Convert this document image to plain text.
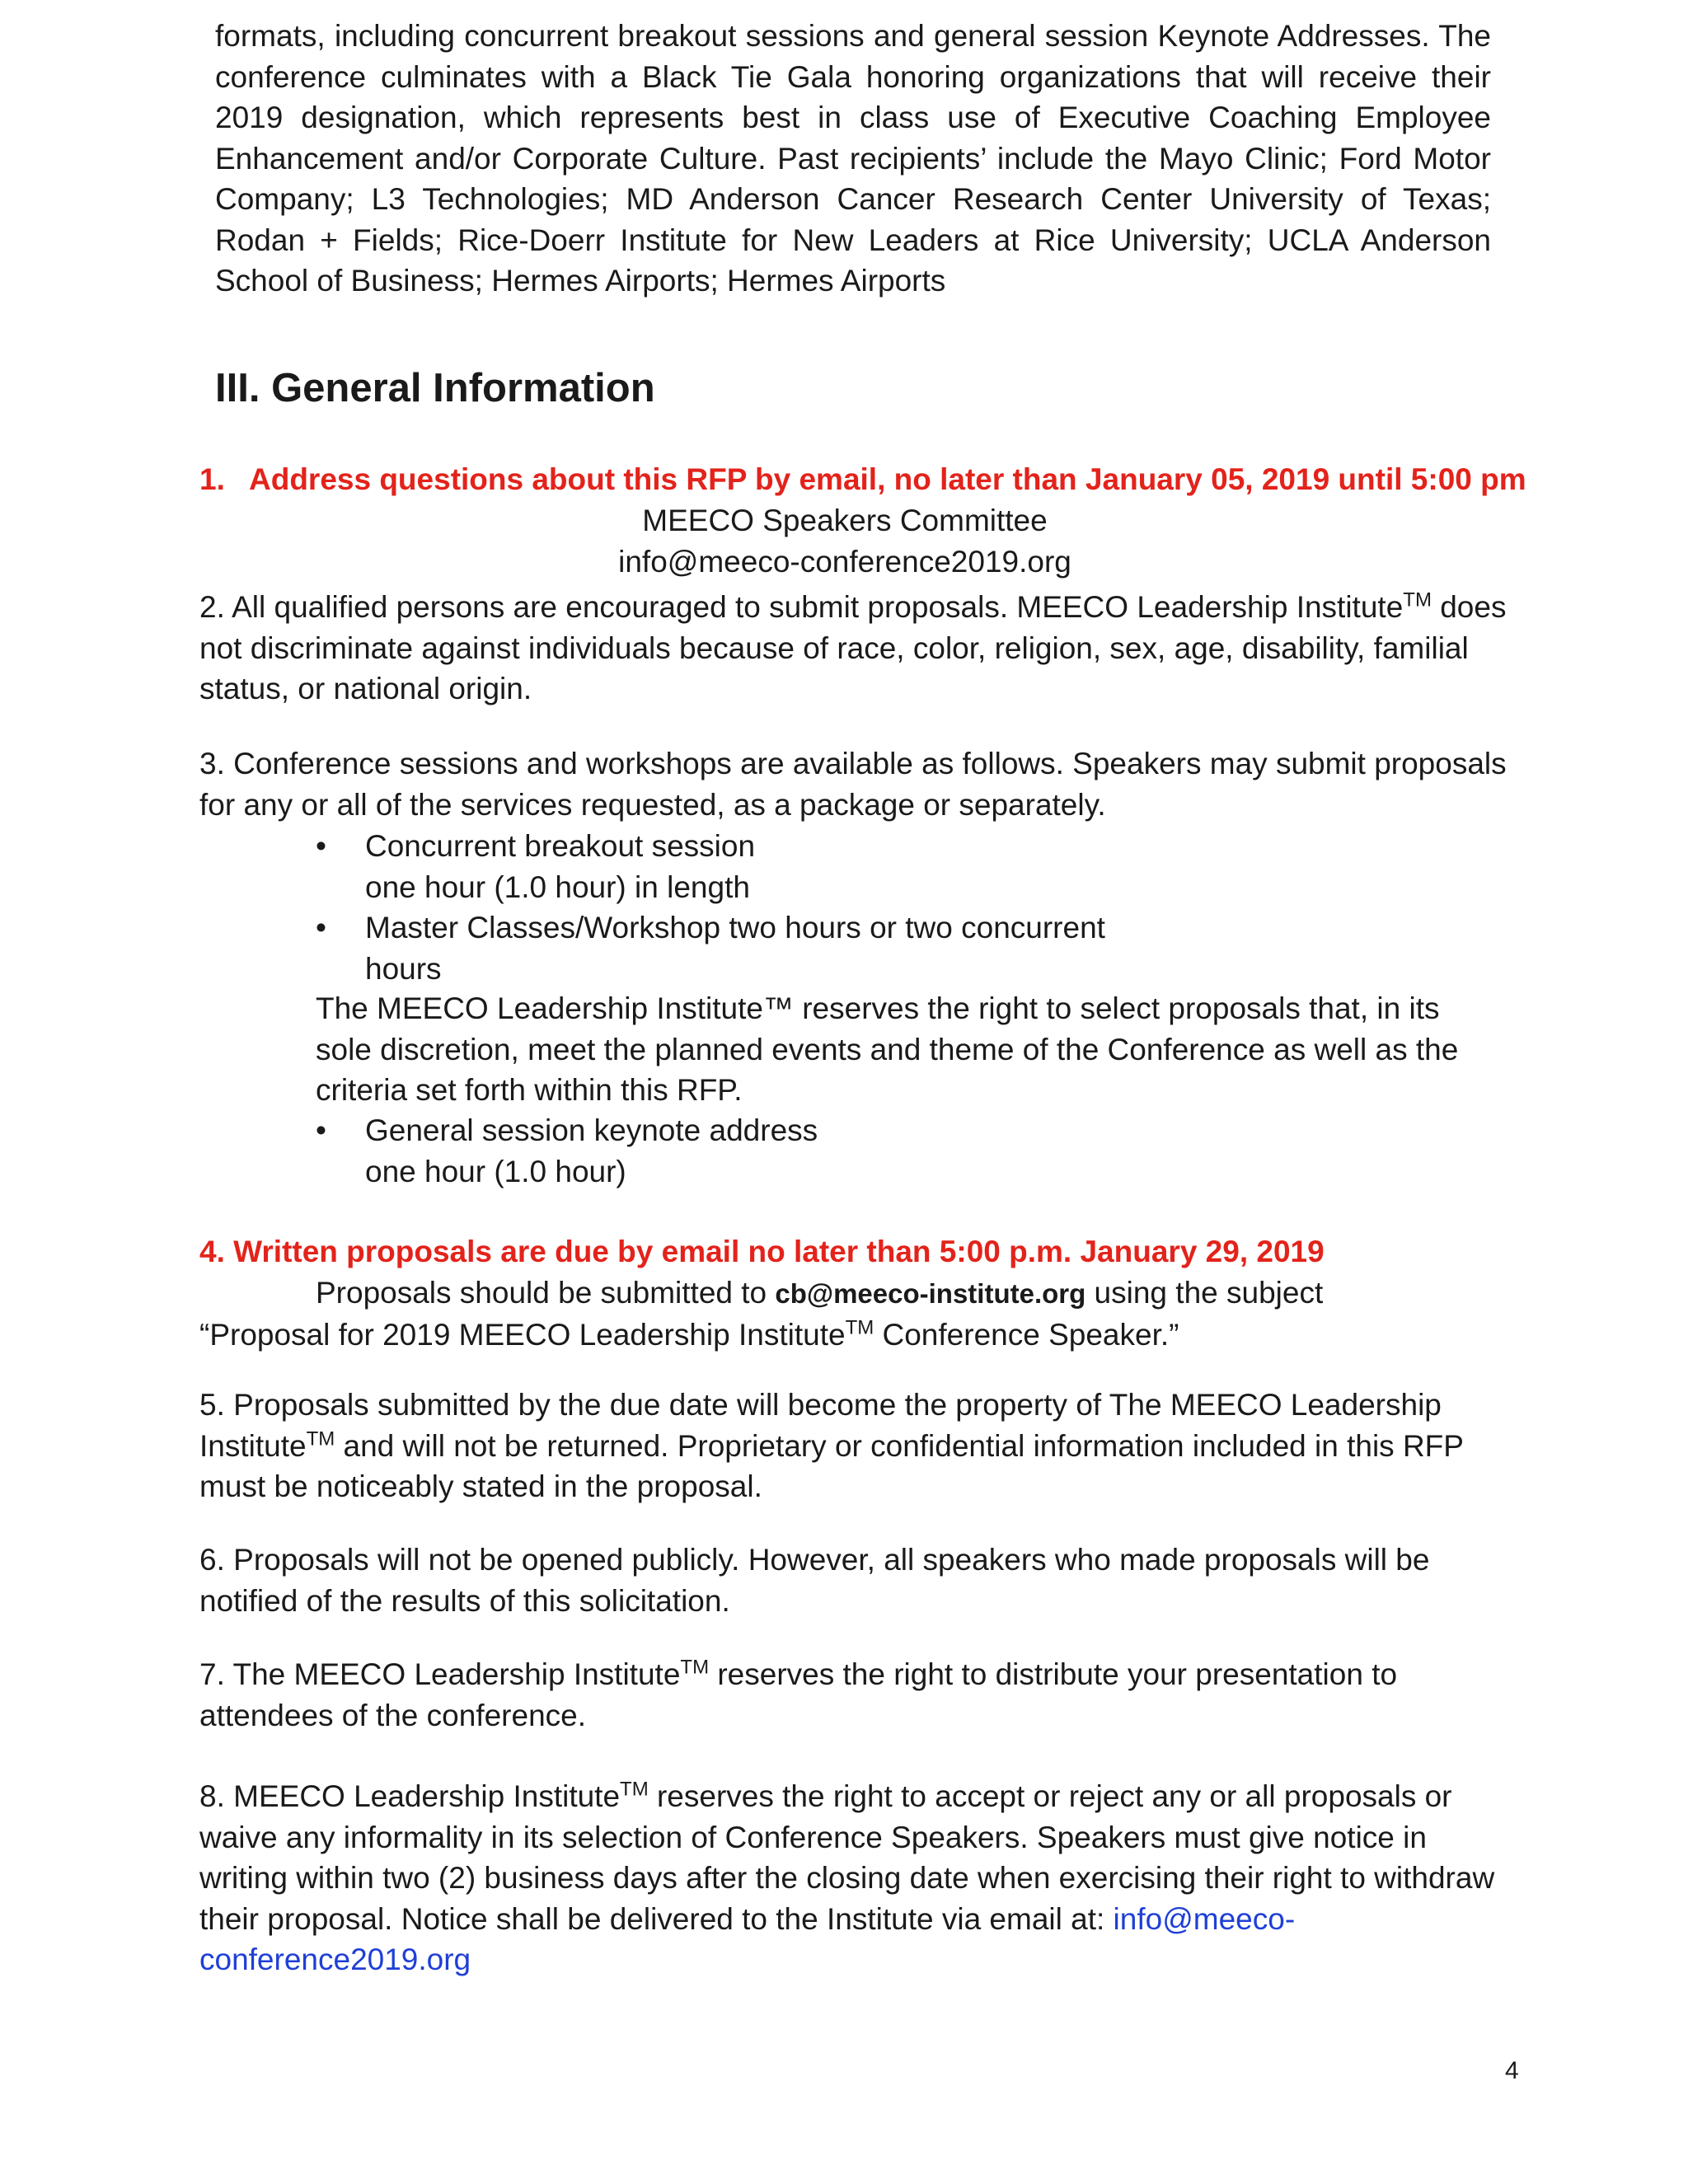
formats, including concurrent breakout sessions and general session Keynote Addresses. The conference culminates with a Black Tie Gala honoring organizations that will receive their 2019 designation, which represents best in class use of Executive Coaching Employee Enhancement and/or Corporate Culture. Past recipients’ include the Mayo Clinic; Ford Motor Company; L3 Technologies; MD Anderson Cancer Research Center University of Texas; Rodan + Fields; Rice-Doerr Institute for New Leaders at Rice University; UCLA Anderson School of Business; Hermes Airports; Hermes Airports

III. General Information
1. Address questions about this RFP by email, no later than January 05, 2019 until 5:00 pm
MEECO Speakers Committee
info@meeco-conference2019.org

2. All qualified persons are encouraged to submit proposals. MEECO Leadership Institute™ does not discriminate against individuals because of race, color, religion, sex, age, disability, familial status, or national origin.

3. Conference sessions and workshops are available as follows. Speakers may submit proposals for any or all of the services requested, as a package or separately.

•	Concurrent breakout session
one hour (1.0 hour) in length
•	Master Classes/Workshop two hours or two concurrent
hours

The MEECO Leadership Institute™ reserves the right to select proposals that, in its sole discretion, meet the planned events and theme of the Conference as well as the criteria set forth within this RFP.

•	General session keynote address
one hour (1.0 hour)
4. Written proposals are due by email no later than 5:00 p.m. January 29, 2019

Proposals should be submitted to cb@meeco-institute.org using the subject
“Proposal for 2019 MEECO Leadership Institute™ Conference Speaker.”

5. Proposals submitted by the due date will become the property of The MEECO Leadership Institute™ and will not be returned. Proprietary or confidential information included in this RFP must be noticeably stated in the proposal.

6. Proposals will not be opened publicly. However, all speakers who made proposals will be notified of the results of this solicitation.

7. The MEECO Leadership Institute™ reserves the right to distribute your presentation to attendees of the conference.

8. MEECO Leadership Institute™ reserves the right to accept or reject any or all proposals or waive any informality in its selection of Conference Speakers. Speakers must give notice in writing within two (2) business days after the closing date when exercising their right to withdraw their proposal. Notice shall be delivered to the Institute via email at: info@meeco-conference2019.org

4
